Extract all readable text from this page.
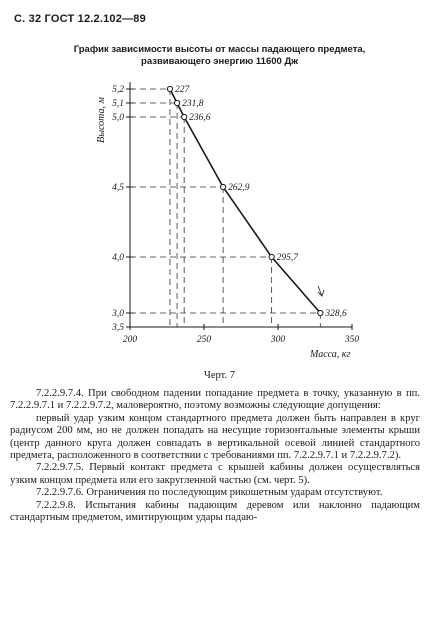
С. 32 ГОСТ 12.2.102—89
График зависимости высоты от массы падающего предмета,
развивающего энергию 11600 Дж
5,2
5,1
5,0
4,5
4,0
3,0
3,5
200	250	300	350
Масса, кг
Высота, м
227
231,8
236,6
262,9
295,7
328,6
Черт. 7

7.2.2.9.7.4. При свободном падении попадание предмета в точку, указанную в пп. 7.2.2.9.7.1 и 7.2.2.9.7.2, маловероятно, поэтому возможны следующие допущения:

первый удар узким концом стандартного предмета должен быть направлен в круг радиусом 200 мм, но не должен попадать на несущие горизонтальные элементы крыши (центр данного круга должен совпадать в вертикальной осевой линией стандартного предмета, расположенного в соответствии с требованиями пп. 7.2.2.9.7.1 и 7.2.2.9.7.2).

7.2.2.9.7.5. Первый контакт предмета с крышей кабины должен осуществляться узким концом предмета или его закругленной частью (см. черт. 5).

7.2.2.9.7.6. Ограничения по последующим рикошетным ударам отсутствуют.

7.2.2.9.8. Испытания кабины падающим деревом или наклонно падающим стандартным предметом, имитирующим удары падаю-
